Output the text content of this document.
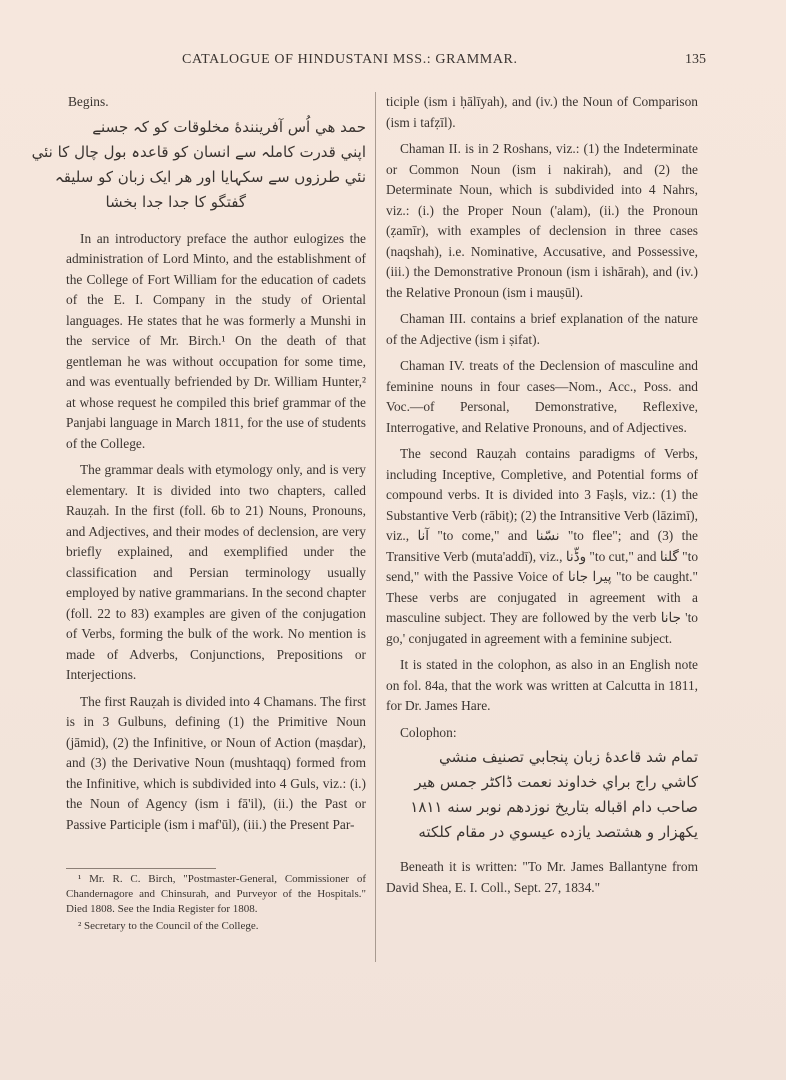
CATALOGUE OF HINDUSTANI MSS.: GRAMMAR.	135

Begins.

حمد هي اُس آفرينندهٔ مخلوقات کو کہ جسنے
اپني قدرت کاملہ سے انسان کو قاعدہ بول چال کا نئي
نئي طرزوں سے سکہايا اور هر ايک زبان کو سليقہ
گفتگو کا جدا جدا بخشا

In an introductory preface the author eulogizes the administration of Lord Minto, and the establishment of the College of Fort William for the education of cadets of the E. I. Company in the study of Oriental languages. He states that he was formerly a Munshi in the service of Mr. Birch.¹ On the death of that gentleman he was without occupation for some time, and was eventually befriended by Dr. William Hunter,² at whose request he compiled this brief grammar of the Panjabi language in March 1811, for the use of students of the College.

The grammar deals with etymology only, and is very elementary. It is divided into two chapters, called Rauẓah. In the first (foll. 6b to 21) Nouns, Pronouns, and Adjectives, and their modes of declension, are very briefly explained, and exemplified under the classification and Persian terminology usually employed by native grammarians. In the second chapter (foll. 22 to 83) examples are given of the conjugation of Verbs, forming the bulk of the work. No mention is made of Adverbs, Conjunctions, Prepositions or Interjections.

The first Rauẓah is divided into 4 Chamans. The first is in 3 Gulbuns, defining (1) the Primitive Noun (jāmid), (2) the Infinitive, or Noun of Action (maṣdar), and (3) the Derivative Noun (mushtaqq) formed from the Infinitive, which is subdivided into 4 Guls, viz.: (i.) the Noun of Agency (ism i fā'il), (ii.) the Past or Passive Participle (ism i maf'ūl), (iii.) the Present Par-

ticiple (ism i ḥālīyah), and (iv.) the Noun of Comparison (ism i tafẓīl).

Chaman II. is in 2 Roshans, viz.: (1) the Indeterminate or Common Noun (ism i nakirah), and (2) the Determinate Noun, which is subdivided into 4 Nahrs, viz.: (i.) the Proper Noun ('alam), (ii.) the Pronoun (ẓamīr), with examples of declension in three cases (naqshah), i.e. Nominative, Accusative, and Possessive, (iii.) the Demonstrative Pronoun (ism i ishārah), and (iv.) the Relative Pronoun (ism i mauṣūl).

Chaman III. contains a brief explanation of the nature of the Adjective (ism i ṣifat).

Chaman IV. treats of the Declension of masculine and feminine nouns in four cases—Nom., Acc., Poss. and Voc.—of Personal, Demonstrative, Reflexive, Interrogative, and Relative Pronouns, and of Adjectives.

The second Rauẓah contains paradigms of Verbs, including Inceptive, Completive, and Potential forms of compound verbs. It is divided into 3 Faṣls, viz.: (1) the Substantive Verb (rābiṭ); (2) the Intransitive Verb (lāzimī), viz., آنا "to come," and نسّنا "to flee"; and (3) the Transitive Verb (muta'addī), viz., وڈّنا "to cut," and گلنا "to send," with the Passive Voice of پيرا جانا "to be caught." These verbs are conjugated in agreement with a masculine subject. They are followed by the verb جانا 'to go,' conjugated in agreement with a feminine subject.

It is stated in the colophon, as also in an English note on fol. 84a, that the work was written at Calcutta in 1811, for Dr. James Hare.

Colophon:

تمام شد قاعدهٔ زبان پنجابي تصنيف منشي
کاشي راج براي خداوند نعمت ڈاکٹر جمس هير
صاحب دام اقباله بتاريخ نوزدهم نوبر سنه ١٨١١
يکهزار و هشتصد يازده عيسوي در مقام کلکته

Beneath it is written: "To Mr. James Ballantyne from David Shea, E. I. Coll., Sept. 27, 1834."

¹ Mr. R. C. Birch, "Postmaster-General, Commissioner of Chandernagore and Chinsurah, and Purveyor of the Hospitals." Died 1808. See the India Register for 1808.

² Secretary to the Council of the College.
